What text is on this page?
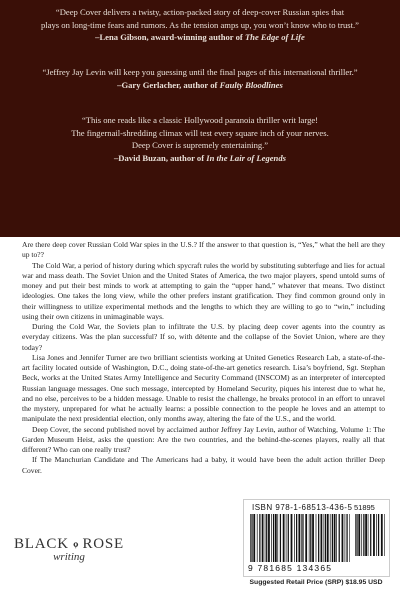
“Deep Cover delivers a twisty, action-packed story of deep-cover Russian spies that
plays on long-time fears and rumors. As the tension amps up, you won’t know who to trust.”
–Lena Gibson, award-winning author of The Edge of Life
“Jeffrey Jay Levin will keep you guessing until the final pages of this international thriller.”
–Gary Gerlacher, author of Faulty Bloodlines
“This one reads like a classic Hollywood paranoia thriller writ large!
The fingernail-shredding climax will test every square inch of your nerves.
Deep Cover is supremely entertaining.”
–David Buzan, author of In the Lair of Legends

Are there deep cover Russian Cold War spies in the U.S.? If the answer to that question is, “Yes,” what the hell are they up to??

The Cold War, a period of history during which spycraft rules the world by substituting subterfuge and lies for actual war and mass death. The Soviet Union and the United States of America, the two major players, spend untold sums of money and put their best minds to work at attempting to gain the “upper hand,” whatever that means. Two distinct ideologies. One takes the long view, while the other prefers instant gratification. They find common ground only in their willingness to utilize experimental methods and the lengths to which they are willing to go to “win,” including using their own citizens in unimaginable ways.

During the Cold War, the Soviets plan to infiltrate the U.S. by placing deep cover agents into the country as everyday citizens. Was the plan successful? If so, with détente and the collapse of the Soviet Union, where are they today?

Lisa Jones and Jennifer Turner are two brilliant scientists working at United Genetics Research Lab, a state-of-the-art facility located outside of Washington, D.C., doing state-of-the-art genetics research. Lisa’s boyfriend, Sgt. Stephan Beck, works at the United States Army Intelligence and Security Command (INSCOM) as an interpreter of intercepted Russian language messages. One such message, intercepted by Homeland Security, piques his interest due to what he, and no else, perceives to be a hidden message. Unable to resist the challenge, he breaks protocol in an effort to unravel the mystery, unprepared for what he actually learns: a possible connection to the people he loves and an attempt to manipulate the next presidential election, only months away, altering the fate of the U.S., and the world.

Deep Cover, the second published novel by acclaimed author Jeffrey Jay Levin, author of Watching, Volume 1: The Garden Museum Heist, asks the question: Are the two countries, and the behind-the-scenes players, really all that different? Who can one really trust?

If The Manchurian Candidate and The Americans had a baby, it would have been the adult action thriller Deep Cover.

BLACK ROSE
writing
ISBN 978-1-68513-436-5 51895
9 781685 134365
Suggested Retail Price (SRP) $18.95 USD
